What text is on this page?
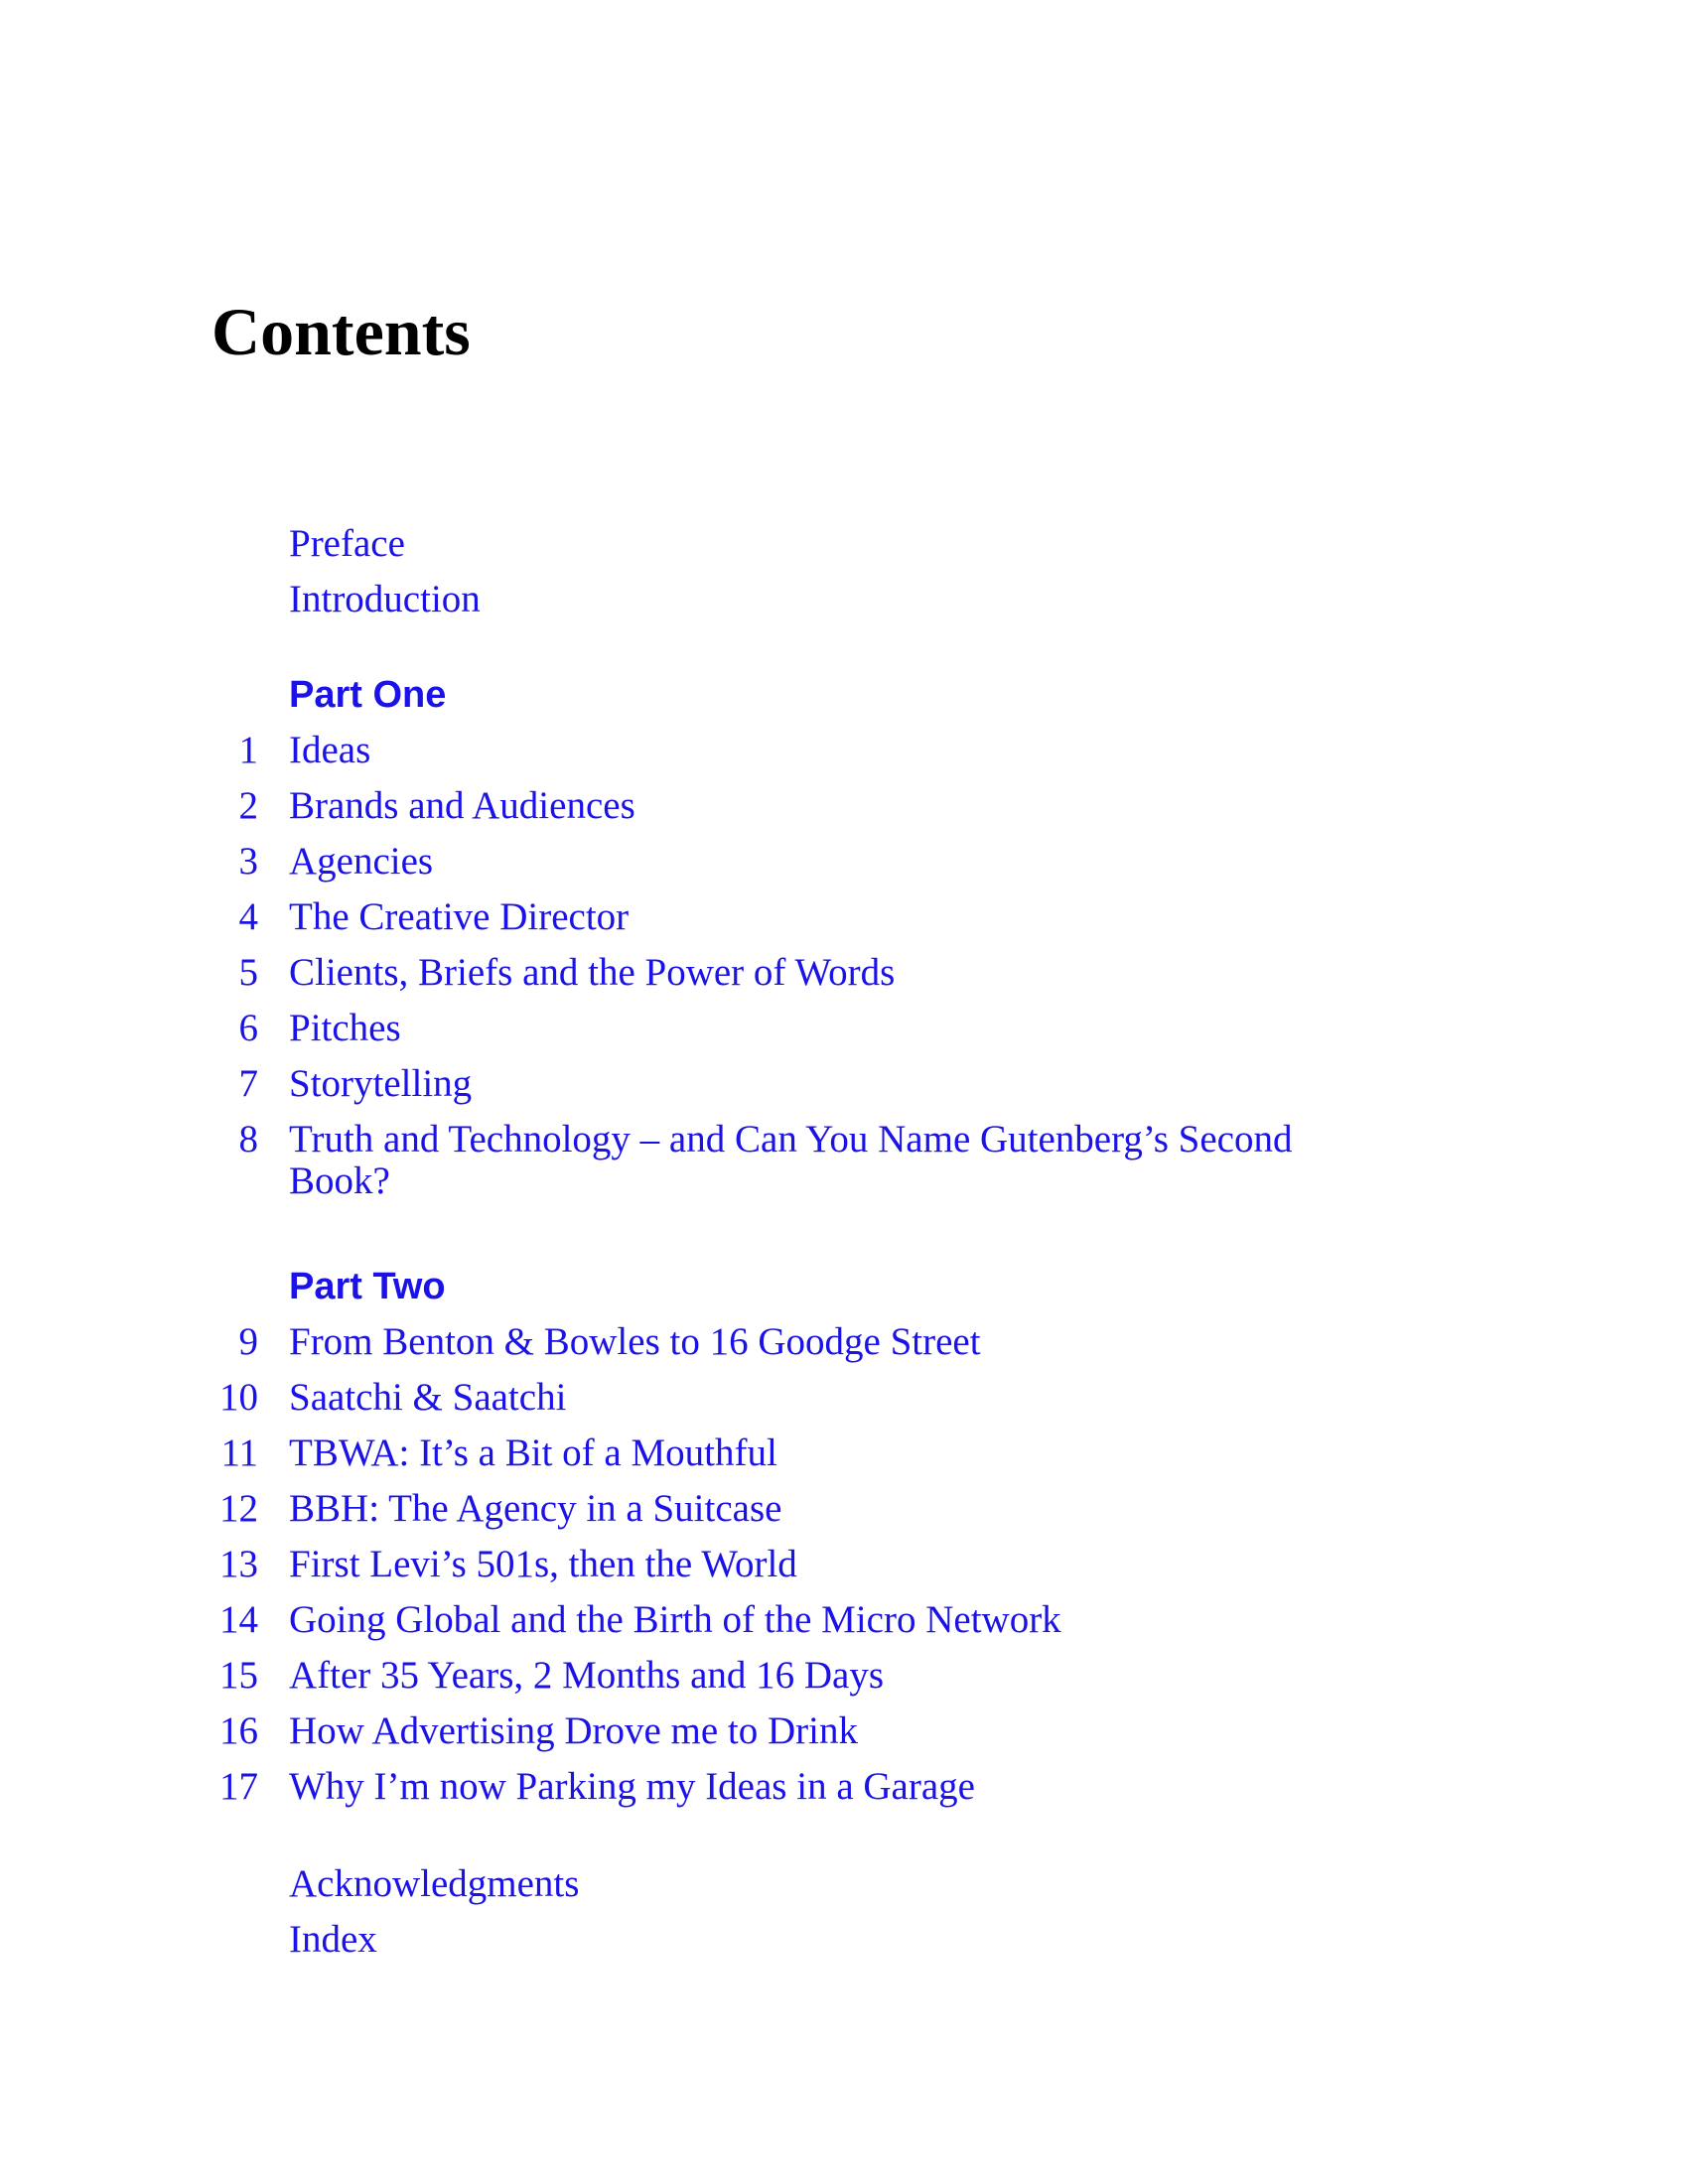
Contents
Preface
Introduction
Part One
1 Ideas
2 Brands and Audiences
3 Agencies
4 The Creative Director
5 Clients, Briefs and the Power of Words
6 Pitches
7 Storytelling
8 Truth and Technology – and Can You Name Gutenberg’s Second Book?
Part Two
9 From Benton & Bowles to 16 Goodge Street
10 Saatchi & Saatchi
11 TBWA: It’s a Bit of a Mouthful
12 BBH: The Agency in a Suitcase
13 First Levi’s 501s, then the World
14 Going Global and the Birth of the Micro Network
15 After 35 Years, 2 Months and 16 Days
16 How Advertising Drove me to Drink
17 Why I’m now Parking my Ideas in a Garage
Acknowledgments
Index
